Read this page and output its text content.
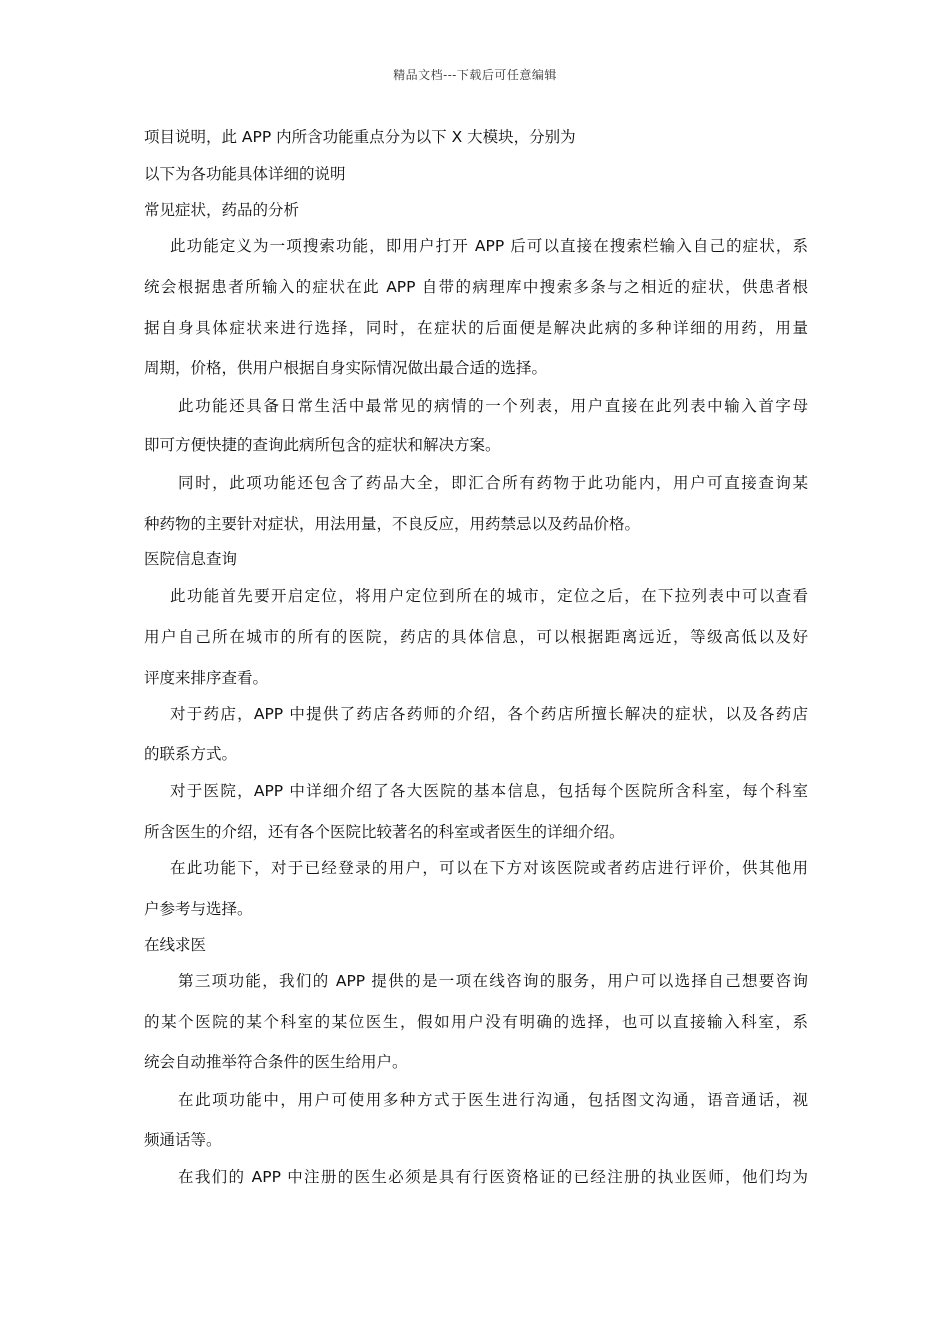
精品文档---下载后可任意编辑
项目说明，此 APP 内所含功能重点分为以下 X 大模块，分别为
以下为各功能具体详细的说明
常见症状，药品的分析
此功能定义为一项搜索功能，即用户打开 APP 后可以直接在搜索栏输入自己的症状，系
统会根据患者所输入的症状在此 APP 自带的病理库中搜索多条与之相近的症状，供患者根
据自身具体症状来进行选择，同时，在症状的后面便是解决此病的多种详细的用药，用量
周期，价格，供用户根据自身实际情况做出最合适的选择。
此功能还具备日常生活中最常见的病情的一个列表，用户直接在此列表中输入首字母
即可方便快捷的查询此病所包含的症状和解决方案。
同时，此项功能还包含了药品大全，即汇合所有药物于此功能内，用户可直接查询某
种药物的主要针对症状，用法用量，不良反应，用药禁忌以及药品价格。
医院信息查询
此功能首先要开启定位，将用户定位到所在的城市，定位之后，在下拉列表中可以查看
用户自己所在城市的所有的医院，药店的具体信息，可以根据距离远近，等级高低以及好
评度来排序查看。
对于药店，APP 中提供了药店各药师的介绍，各个药店所擅长解决的症状，以及各药店
的联系方式。
对于医院，APP 中详细介绍了各大医院的基本信息，包括每个医院所含科室，每个科室
所含医生的介绍，还有各个医院比较著名的科室或者医生的详细介绍。
在此功能下，对于已经登录的用户，可以在下方对该医院或者药店进行评价，供其他用
户参考与选择。
在线求医
第三项功能，我们的 APP 提供的是一项在线咨询的服务，用户可以选择自己想要咨询
的某个医院的某个科室的某位医生，假如用户没有明确的选择，也可以直接输入科室，系
统会自动推举符合条件的医生给用户。
在此项功能中，用户可使用多种方式于医生进行沟通，包括图文沟通，语音通话，视
频通话等。
在我们的 APP 中注册的医生必须是具有行医资格证的已经注册的执业医师，他们均为
